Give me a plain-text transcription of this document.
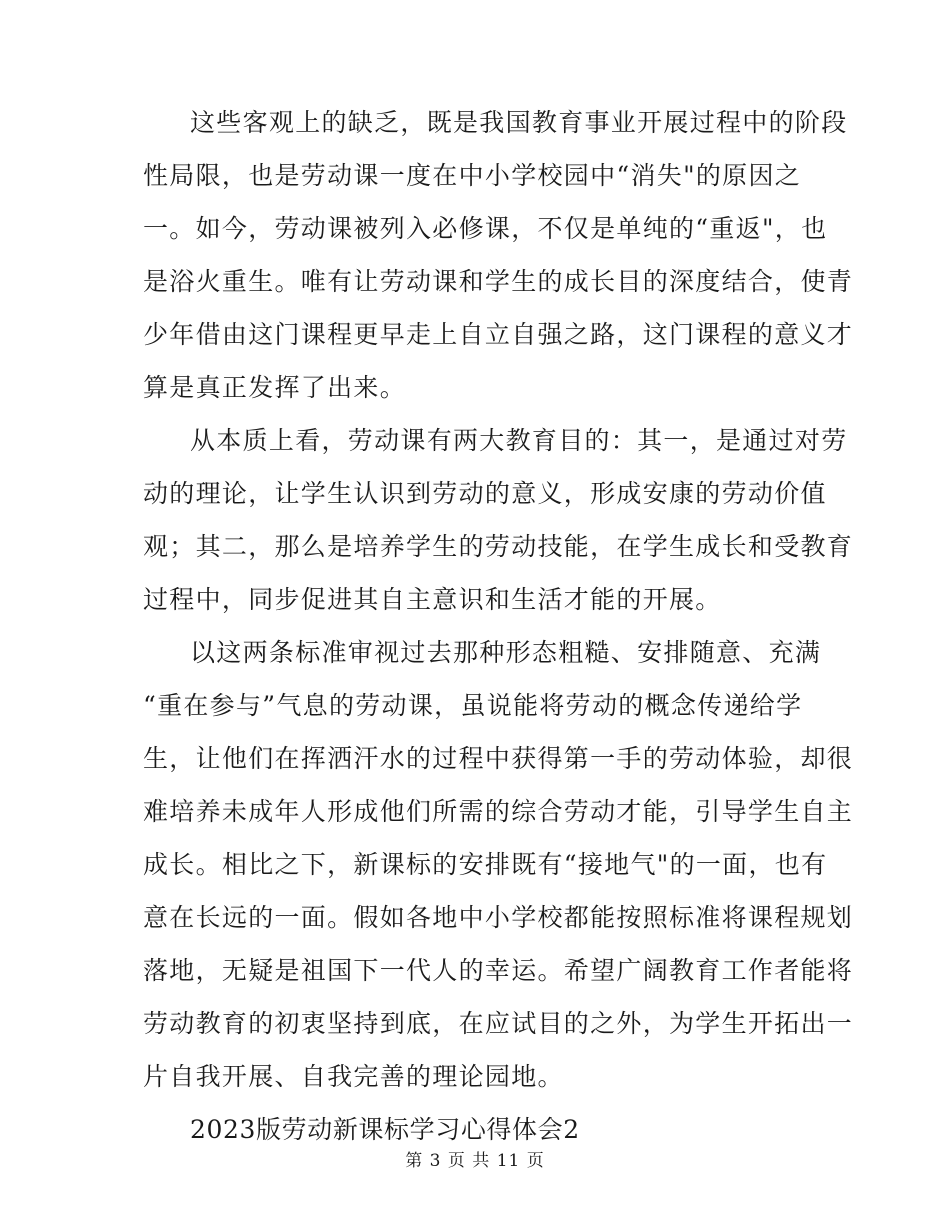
这些客观上的缺乏，既是我国教育事业开展过程中的阶段
性局限，也是劳动课一度在中小学校园中“消失"的原因之
一。如今，劳动课被列入必修课，不仅是单纯的“重返"，也
是浴火重生。唯有让劳动课和学生的成长目的深度结合，使青
少年借由这门课程更早走上自立自强之路，这门课程的意义才
算是真正发挥了出来。
从本质上看，劳动课有两大教育目的：其一，是通过对劳
动的理论，让学生认识到劳动的意义，形成安康的劳动价值
观；其二，那么是培养学生的劳动技能，在学生成长和受教育
过程中，同步促进其自主意识和生活才能的开展。
以这两条标准审视过去那种形态粗糙、安排随意、充满
“重在参与”气息的劳动课，虽说能将劳动的概念传递给学
生，让他们在挥洒汗水的过程中获得第一手的劳动体验，却很
难培养未成年人形成他们所需的综合劳动才能，引导学生自主
成长。相比之下，新课标的安排既有“接地气"的一面，也有
意在长远的一面。假如各地中小学校都能按照标准将课程规划
落地，无疑是祖国下一代人的幸运。希望广阔教育工作者能将
劳动教育的初衷坚持到底，在应试目的之外，为学生开拓出一
片自我开展、自我完善的理论园地。
2023版劳动新课标学习心得体会2
第 3 页 共 11 页
